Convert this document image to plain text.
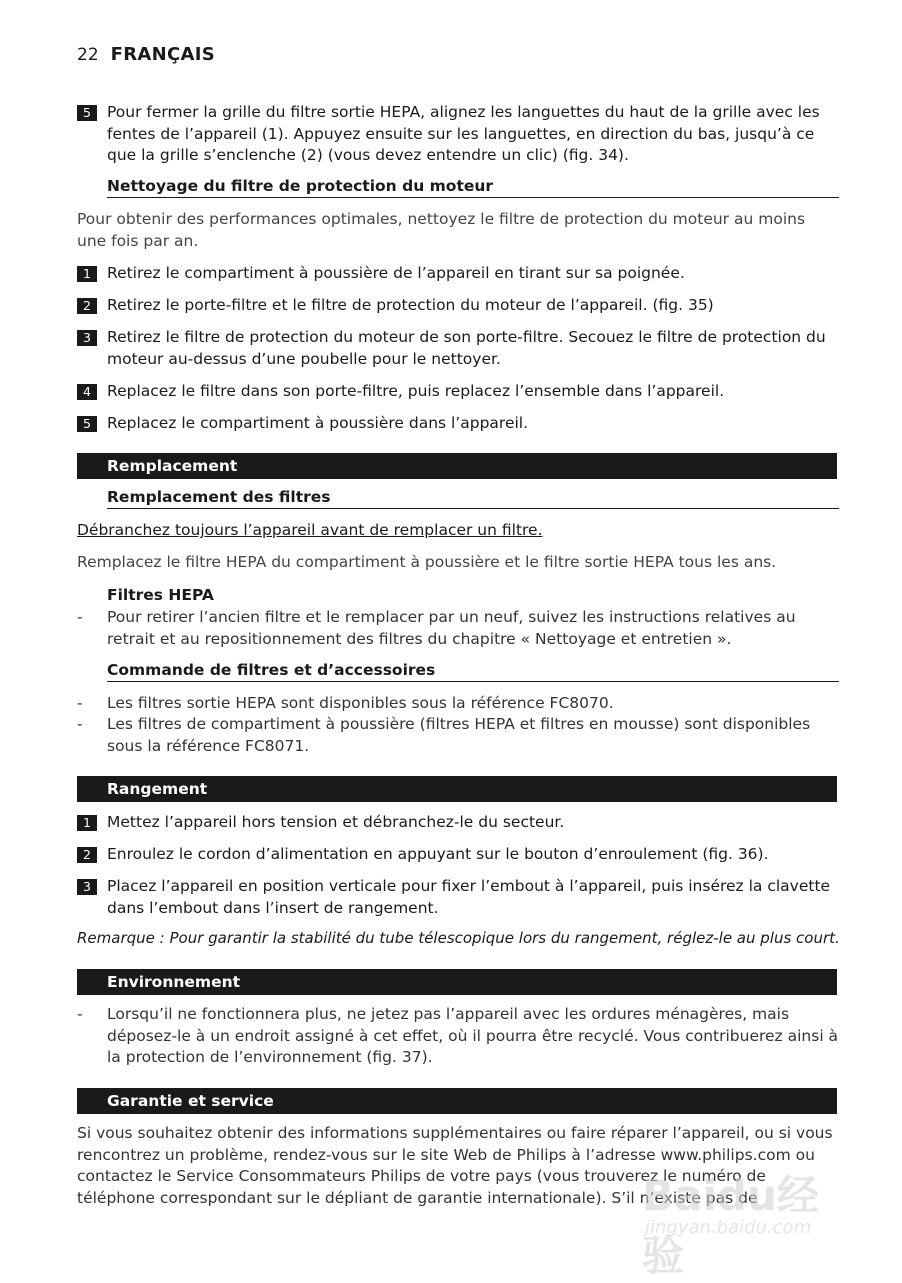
22 FRANÇAIS
5	Pour fermer la grille du filtre sortie HEPA, alignez les languettes du haut de la grille avec les fentes de l’appareil (1). Appuyez ensuite sur les languettes, en direction du bas, jusqu’à ce que la grille s’enclenche (2) (vous devez entendre un clic) (fig. 34).
Nettoyage du filtre de protection du moteur
Pour obtenir des performances optimales, nettoyez le filtre de protection du moteur au moins une fois par an.
1	Retirez le compartiment à poussière de l’appareil en tirant sur sa poignée.
2	Retirez le porte-filtre et le filtre de protection du moteur de l’appareil. (fig. 35)
3	Retirez le filtre de protection du moteur de son porte-filtre. Secouez le filtre de protection du moteur au-dessus d’une poubelle pour le nettoyer.
4	Replacez le filtre dans son porte-filtre, puis replacez l’ensemble dans l’appareil.
5	Replacez le compartiment à poussière dans l’appareil.
Remplacement
Remplacement des filtres
Débranchez toujours l’appareil avant de remplacer un filtre.
Remplacez le filtre HEPA du compartiment à poussière et le filtre sortie HEPA tous les ans.
Filtres HEPA
- Pour retirer l’ancien filtre et le remplacer par un neuf, suivez les instructions relatives au retrait et au repositionnement des filtres du chapitre « Nettoyage et entretien ».
Commande de filtres et d’accessoires
- Les filtres sortie HEPA sont disponibles sous la référence FC8070.
- Les filtres de compartiment à poussière (filtres HEPA et filtres en mousse) sont disponibles sous la référence FC8071.
Rangement
1	Mettez l’appareil hors tension et débranchez-le du secteur.
2	Enroulez le cordon d’alimentation en appuyant sur le bouton d’enroulement (fig. 36).
3	Placez l’appareil en position verticale pour fixer l’embout à l’appareil, puis insérez la clavette dans l’embout dans l’insert de rangement.
Remarque : Pour garantir la stabilité du tube télescopique lors du rangement, réglez-le au plus court.
Environnement
- Lorsqu’il ne fonctionnera plus, ne jetez pas l’appareil avec les ordures ménagères, mais déposez-le à un endroit assigné à cet effet, où il pourra être recyclé. Vous contribuerez ainsi à la protection de l’environnement (fig. 37).
Garantie et service
Si vous souhaitez obtenir des informations supplémentaires ou faire réparer l’appareil, ou si vous rencontrez un problème, rendez-vous sur le site Web de Philips à l’adresse www.philips.com ou contactez le Service Consommateurs Philips de votre pays (vous trouverez le numéro de téléphone correspondant sur le dépliant de garantie internationale). S’il n’existe pas de
Baidu经验
jingyan.baidu.com
